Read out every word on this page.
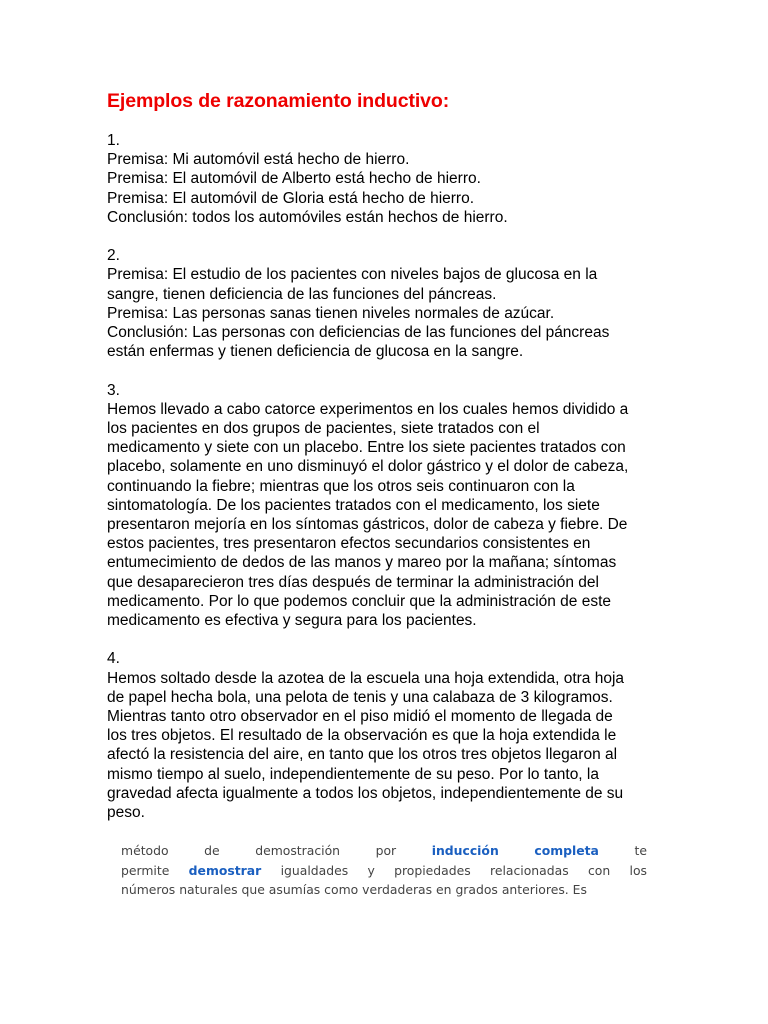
Ejemplos de razonamiento inductivo:
1.
Premisa: Mi automóvil está hecho de hierro.
Premisa: El automóvil de Alberto está hecho de hierro.
Premisa: El automóvil de Gloria está hecho de hierro.
Conclusión: todos los automóviles están hechos de hierro.
2.
Premisa: El estudio de los pacientes con niveles bajos de glucosa en la
sangre, tienen deficiencia de las funciones del páncreas.
Premisa: Las personas sanas tienen niveles normales de azúcar.
Conclusión: Las personas con deficiencias de las funciones del páncreas
están enfermas y tienen deficiencia de glucosa en la sangre.
3.
Hemos llevado a cabo catorce experimentos en los cuales hemos dividido a
los pacientes en dos grupos de pacientes, siete tratados con el
medicamento y siete con un placebo. Entre los siete pacientes tratados con
placebo, solamente en uno disminuyó el dolor gástrico y el dolor de cabeza,
continuando la fiebre; mientras que los otros seis continuaron con la
sintomatología. De los pacientes tratados con el medicamento, los siete
presentaron mejoría en los síntomas gástricos, dolor de cabeza y fiebre. De
estos pacientes, tres presentaron efectos secundarios consistentes en
entumecimiento de dedos de las manos y mareo por la mañana; síntomas
que desaparecieron tres días después de terminar la administración del
medicamento. Por lo que podemos concluir que la administración de este
medicamento es efectiva y segura para los pacientes.
4.
Hemos soltado desde la azotea de la escuela una hoja extendida, otra hoja
de papel hecha bola, una pelota de tenis y una calabaza de 3 kilogramos.
Mientras tanto otro observador en el piso midió el momento de llegada de
los tres objetos. El resultado de la observación es que la hoja extendida le
afectó la resistencia del aire, en tanto que los otros tres objetos llegaron al
mismo tiempo al suelo, independientemente de su peso. Por lo tanto, la
gravedad afecta igualmente a todos los objetos, independientemente de su
peso.
método de demostración por	inducción	completa	te
permite demostrar igualdades y propiedades relacionadas con los
números naturales que asumías como verdaderas en grados anteriores. Es
